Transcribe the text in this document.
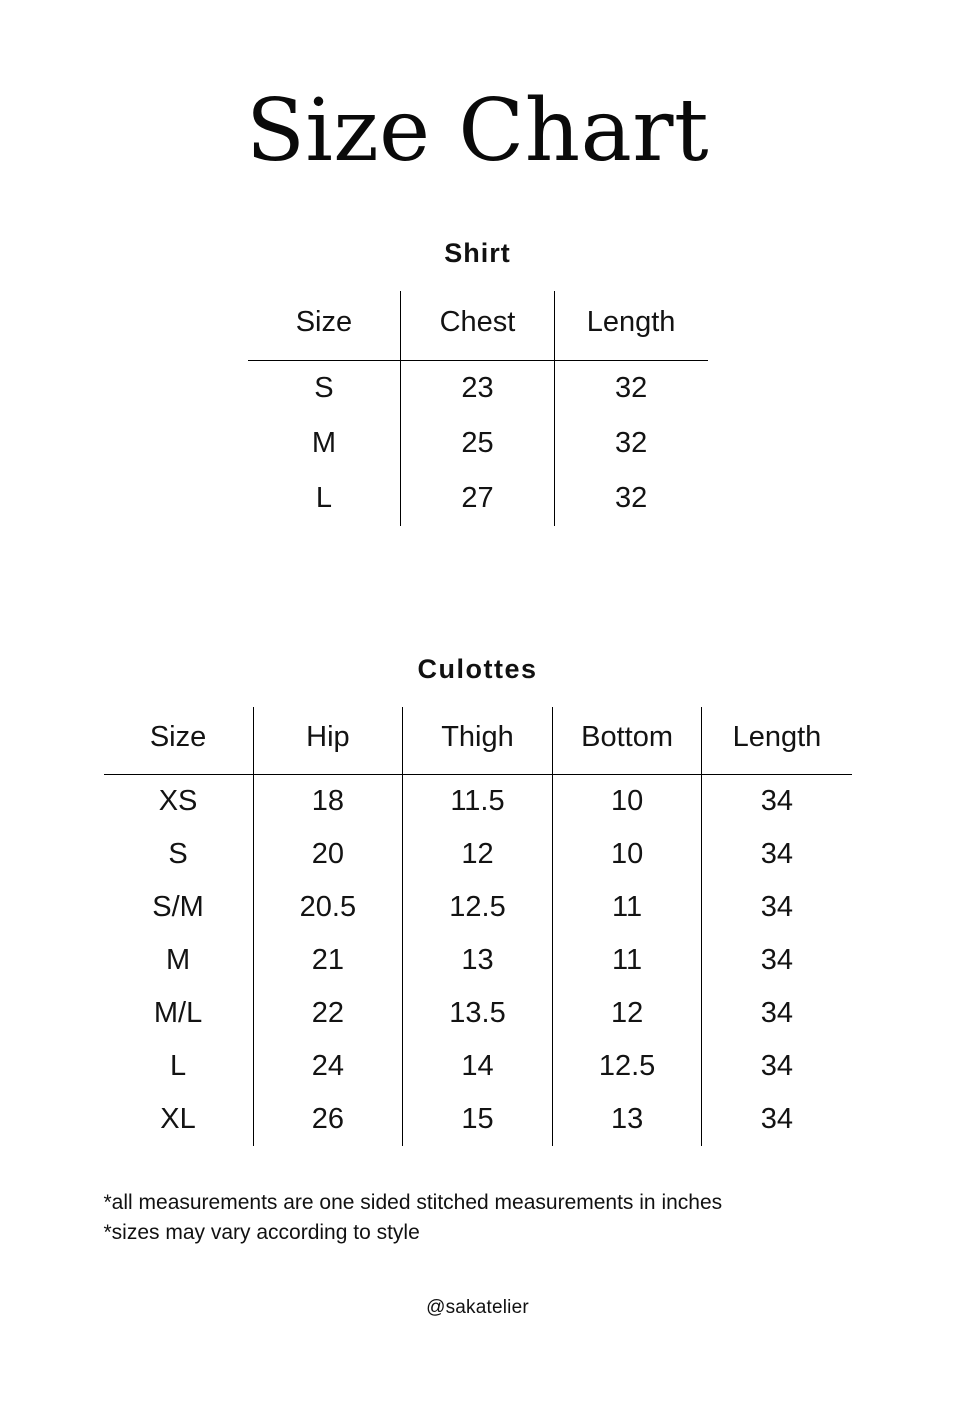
Size Chart
Shirt
Size	Chest	Length
S	23	32
M	25	32
L	27	32
Culottes
Size	Hip	Thigh	Bottom	Length
XS	18	11.5	10	34
S	20	12	10	34
S/M	20.5	12.5	11	34
M	21	13	11	34
M/L	22	13.5	12	34
L	24	14	12.5	34
XL	26	15	13	34
*all measurements are one sided stitched measurements in inches
*sizes may vary according to style
@sakatelier
